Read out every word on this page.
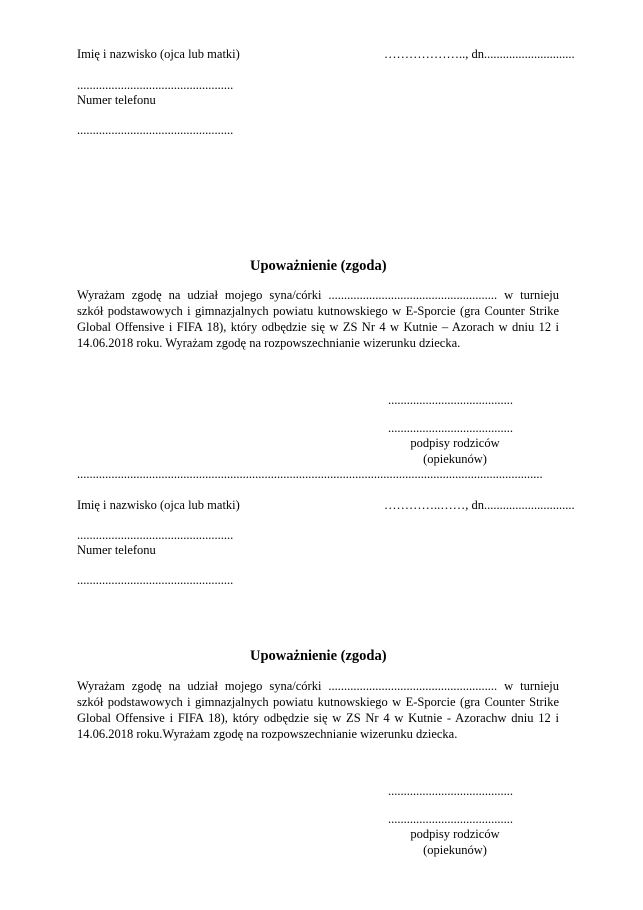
Imię i nazwisko (ojca lub matki)	……………….., dn.............................
..................................................
Numer telefonu
..................................................
Upoważnienie (zgoda)
Wyrażam zgodę na udział mojego syna/córki ...................................................... w turnieju
szkół podstawowych i gimnazjalnych powiatu kutnowskiego w E-Sporcie (gra Counter Strike
Global Offensive i FIFA 18), który odbędzie się w ZS Nr 4 w Kutnie – Azorach w dniu 12 i
14.06.2018 roku. Wyrażam zgodę na rozpowszechnianie wizerunku dziecka.
........................................
........................................
podpisy rodziców
(opiekunów)
.....................................................................................................................................................
Imię i nazwisko (ojca lub matki)	…………..……, dn.............................
..................................................
Numer telefonu
..................................................
Upoważnienie (zgoda)
Wyrażam zgodę na udział mojego syna/córki ...................................................... w turnieju
szkół podstawowych i gimnazjalnych powiatu kutnowskiego w E-Sporcie (gra Counter Strike
Global Offensive i FIFA 18), który odbędzie się w ZS Nr 4 w Kutnie - Azorachw dniu 12 i
14.06.2018 roku.Wyrażam zgodę na rozpowszechnianie wizerunku dziecka.
........................................
........................................
podpisy rodziców
(opiekunów)
